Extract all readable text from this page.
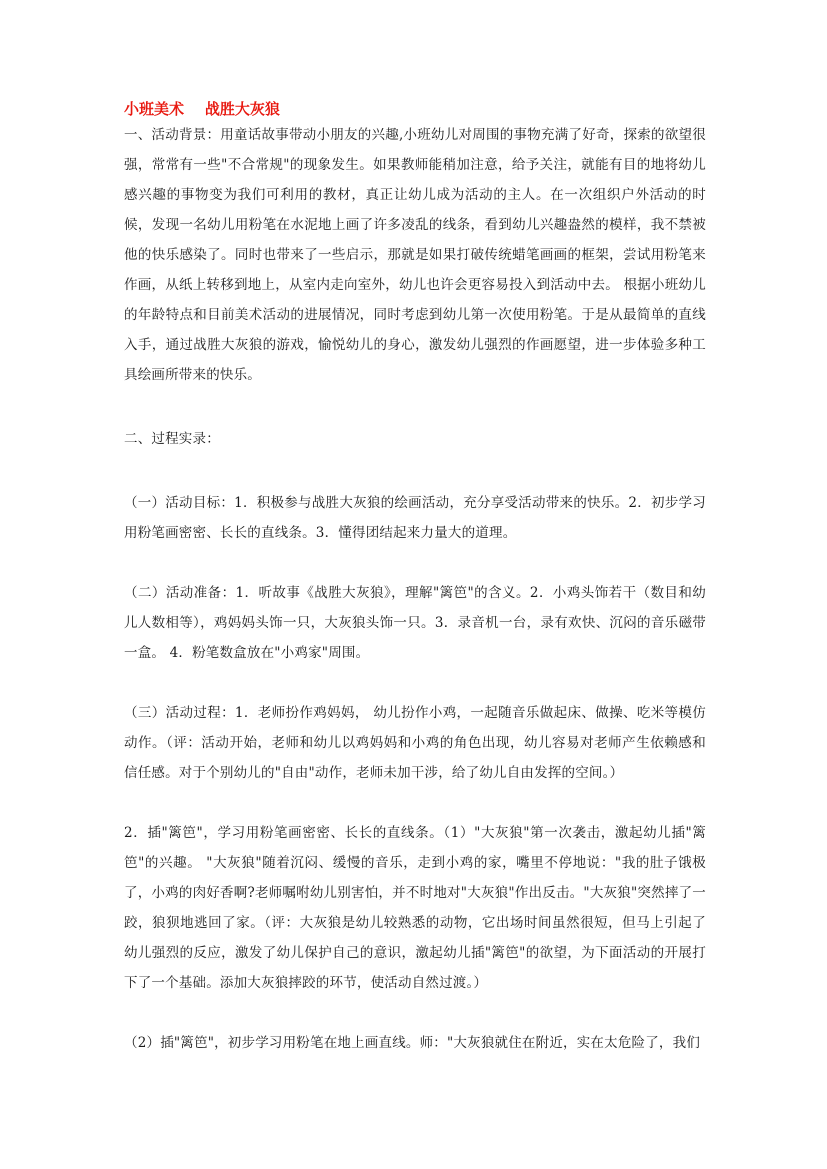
小班美术    战胜大灰狼

一、活动背景：用童话故事带动小朋友的兴趣,小班幼儿对周围的事物充满了好奇，探索的欲望很强，常常有一些"不合常规"的现象发生。如果教师能稍加注意，给予关注，就能有目的地将幼儿感兴趣的事物变为我们可利用的教材，真正让幼儿成为活动的主人。在一次组织户外活动的时候，发现一名幼儿用粉笔在水泥地上画了许多凌乱的线条，看到幼儿兴趣盎然的模样，我不禁被他的快乐感染了。同时也带来了一些启示，那就是如果打破传统蜡笔画画的框架，尝试用粉笔来作画，从纸上转移到地上，从室内走向室外，幼儿也许会更容易投入到活动中去。 根据小班幼儿的年龄特点和目前美术活动的进展情况，同时考虑到幼儿第一次使用粉笔。于是从最简单的直线入手，通过战胜大灰狼的游戏，愉悦幼儿的身心，激发幼儿强烈的作画愿望，进一步体验多种工具绘画所带来的快乐。

二、过程实录：

（一）活动目标：1．积极参与战胜大灰狼的绘画活动，充分享受活动带来的快乐。2．初步学习用粉笔画密密、长长的直线条。3．懂得团结起来力量大的道理。

（二）活动准备：1．听故事《战胜大灰狼》，理解"篱笆"的含义。2．小鸡头饰若干（数目和幼儿人数相等），鸡妈妈头饰一只，大灰狼头饰一只。3．录音机一台，录有欢快、沉闷的音乐磁带一盒。 4．粉笔数盒放在"小鸡家"周围。

（三）活动过程：1．老师扮作鸡妈妈， 幼儿扮作小鸡，一起随音乐做起床、做操、吃米等模仿动作。（评：活动开始，老师和幼儿以鸡妈妈和小鸡的角色出现，幼儿容易对老师产生依赖感和信任感。对于个别幼儿的"自由"动作，老师未加干涉，给了幼儿自由发挥的空间。）

2．插"篱笆"，学习用粉笔画密密、长长的直线条。（1）"大灰狼"第一次袭击，激起幼儿插"篱笆"的兴趣。 "大灰狼"随着沉闷、缓慢的音乐，走到小鸡的家，嘴里不停地说："我的肚子饿极了，小鸡的肉好香啊?老师嘱咐幼儿别害怕，并不时地对"大灰狼"作出反击。"大灰狼"突然摔了一跤，狼狈地逃回了家。（评：大灰狼是幼儿较熟悉的动物，它出场时间虽然很短，但马上引起了幼儿强烈的反应，激发了幼儿保护自己的意识，激起幼儿插"篱笆"的欲望，为下面活动的开展打下了一个基础。添加大灰狼摔跤的环节，使活动自然过渡。）

（2）插"篱笆"，初步学习用粉笔在地上画直线。师："大灰狼就住在附近，实在太危险了，我们
